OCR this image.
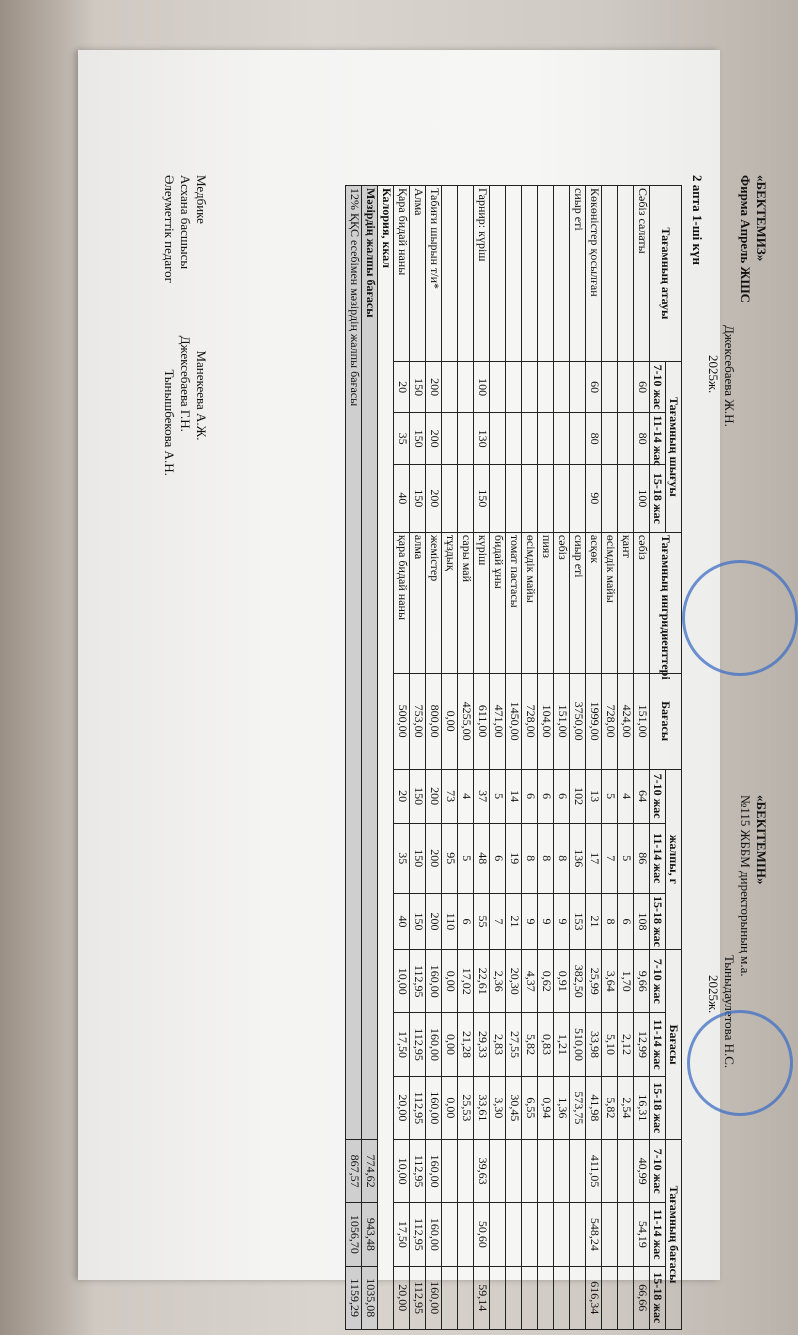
«БЕКТЕМИЗ»
Фирма Апрель ЖШС
Джексебаева Ж.Н.
2025ж.
2 апта 1-ші күн
«БЕКІТЕМІН»
№115 ЖББМ директорының м.а.
Тыныдаулетова Н.С.
2025ж.
Тағамның атауы	Тағамның шығуы			Тағамның ингридиенттері	Бағасы	жалпы, г			Бағасы			Тағамның бағасы		
	7-10 жас	11-14 жас	15-18 жас			7-10 жас	11-14 жас	15-18 жас	7-10 жас	11-14 жас	15-18 жас	7-10 жас	11-14 жас	15-18 жас
Сәбіз салаты	60	80	100	сәбіз	151,00	64	86	108	9,66	12,99	16,31	40,99	54,19	66,66
				қант	424,00	4	5	6	1,70	2,12	2,54			
				өсімдік майы	728,00	5	7	8	3,64	5,10	5,82			
Көкөністер қосылған	60	80	90	асқөк	1999,00	13	17	21	25,99	33,98	41,98	411,05	548,24	616,34
сиыр еті				сиыр еті	3750,00	102	136	153	382,50	510,00	573,75			
				сәбіз	151,00	6	8	9	0,91	1,21	1,36			
				пияз	104,00	6	8	9	0,62	0,83	0,94			
				өсімдік майы	728,00	6	8	9	4,37	5,82	6,55			
				томат пастасы	1450,00	14	19	21	20,30	27,55	30,45			
				бидай ұны	471,00	5	6	7	2,36	2,83	3,30			
Гарнир: күріш	100	130	150	күріш	611,00	37	48	55	22,61	29,33	33,61	39,63	50,60	59,14
				сары май	4255,00	4	5	6	17,02	21,28	25,53			
				тұздық	0,00	73	95	110	0,00	0,00	0,00			
Табиғи шырын т/и*	200	200	200	жемістер	800,00	200	200	200	160,00	160,00	160,00	160,00	160,00	160,00
Алма	150	150	150	алма	753,00	150	150	150	112,95	112,95	112,95	112,95	112,95	112,95
Қара бидай наны	20	35	40	қара бидай наны	500,00	20	35	40	10,00	17,50	20,00	10,00	17,50	20,00
Калория, ккал														
Мәзірдің жалпы бағасы												774,62	943,48	1035,08
12% ҚҚС есебімен мәзірдің жалпы бағасы												867,57	1056,70	1159,29
Медбике  Манекеева А.Ж.
Асхана басшысы  Джексебаева Г.Н.
Әлеуметтік педагог  Тынышбекова А.Н.
